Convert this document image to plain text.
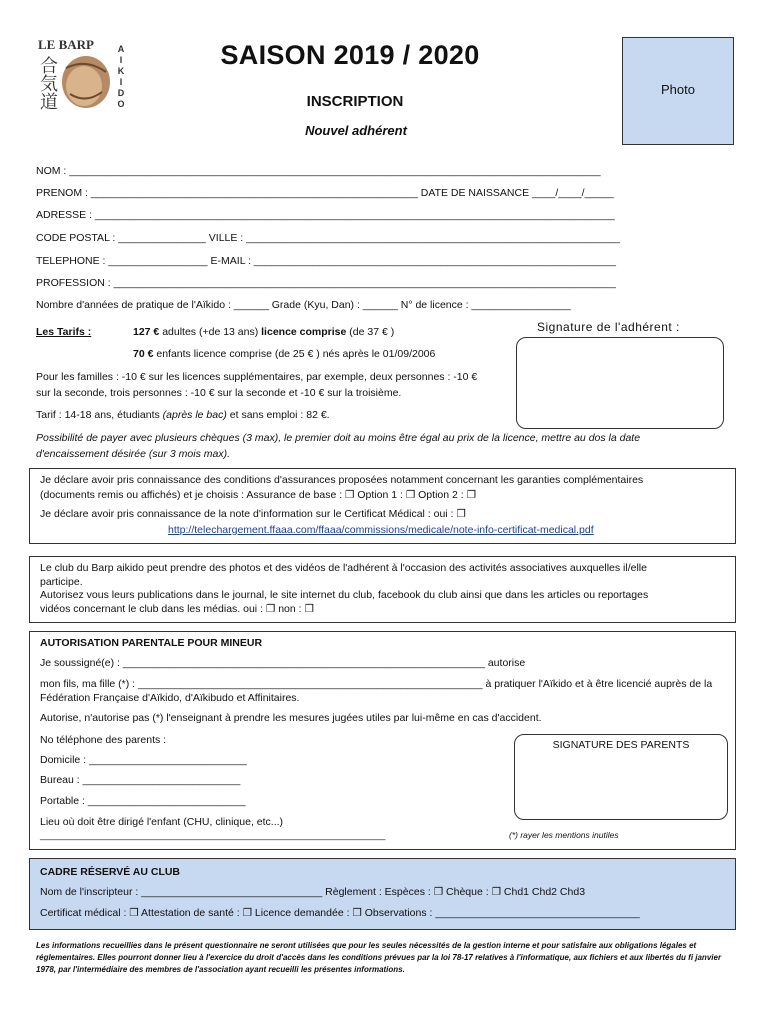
LE BARP
合
気
道
A
I
K
I
D
O
SAISON 2019 / 2020
INSCRIPTION
Nouvel adhérent
Photo
NOM : ___________________________________________________________________________________________
PRENOM : ________________________________________________________ DATE DE NAISSANCE ____/____/_____
ADRESSE : _________________________________________________________________________________________
CODE POSTAL : _______________ VILLE : ________________________________________________________________
TELEPHONE : _________________ E-MAIL : ______________________________________________________________
PROFESSION : ______________________________________________________________________________________
Nombre d'années de pratique de l'Aïkido : ______ Grade (Kyu, Dan) : ______ N° de licence : _________________
Les Tarifs :	127 € adultes (+de 13 ans) licence comprise (de 37 € )
70 € enfants licence comprise (de 25 € ) nés après le 01/09/2006
Pour les familles : -10 € sur les licences supplémentaires, par exemple, deux personnes : -10 €
sur la seconde, trois personnes : -10 € sur la seconde et -10 € sur la troisième.
Tarif : 14-18 ans, étudiants (après le bac) et sans emploi : 82 €.
Possibilité de payer avec plusieurs chèques (3 max), le premier doit au moins être égal au prix de la licence, mettre au dos la date
d'encaissement désirée (sur 3 mois max).
Signature de l'adhérent :
Je déclare avoir pris connaissance des conditions d'assurances proposées notamment concernant les garanties complémentaires
(documents remis ou affichés) et je choisis : Assurance de base : ❐ Option 1 : ❐ Option 2 : ❐
Je déclare avoir pris connaissance de la note d'information sur le Certificat Médical : oui : ❐
http://telechargement.ffaaa.com/ffaaa/commissions/medicale/note-info-certificat-medical.pdf
Le club du Barp aikido peut prendre des photos et des vidéos de l'adhérent à l'occasion des activités associatives auxquelles il/elle
participe.
Autorisez vous leurs publications dans le journal, le site internet du club, facebook du club ainsi que dans les articles ou reportages
vidéos concernant le club dans les médias. oui : ❐ non : ❐
AUTORISATION PARENTALE POUR MINEUR
Je soussigné(e) : ______________________________________________________________ autorise
mon fils, ma fille (*) : ___________________________________________________________ à pratiquer l'Aïkido et à être licencié auprès de la
Fédération Française d'Aïkido, d'Aïkibudo et Affinitaires.
Autorise, n'autorise pas (*) l'enseignant à prendre les mesures jugées utiles par lui-même en cas d'accident.
No téléphone des parents :
Domicile : ___________________________
Bureau : ___________________________
Portable : ___________________________
Lieu où doit être dirigé l'enfant (CHU, clinique, etc...)
_____________________________________________________________________
SIGNATURE DES PARENTS
(*) rayer les mentions inutiles
CADRE RÉSERVÉ AU CLUB
Nom de l'inscripteur : _______________________________ Règlement : Espèces : ❐ Chèque : ❐ Chd1 Chd2 Chd3
Certificat médical : ❐ Attestation de santé : ❐ Licence demandée : ❐ Observations : ___________________________________
Les informations recueillies dans le présent questionnaire ne seront utilisées que pour les seules nécessités de la gestion interne et pour satisfaire aux obligations légales et réglementaires. Elles pourront donner lieu à l'exercice du droit d'accès dans les conditions prévues par la loi 78-17 relatives à l'informatique, aux fichiers et aux libertés du fi janvier 1978, par l'intermédiaire des membres de l'association ayant recueilli les présentes informations.
